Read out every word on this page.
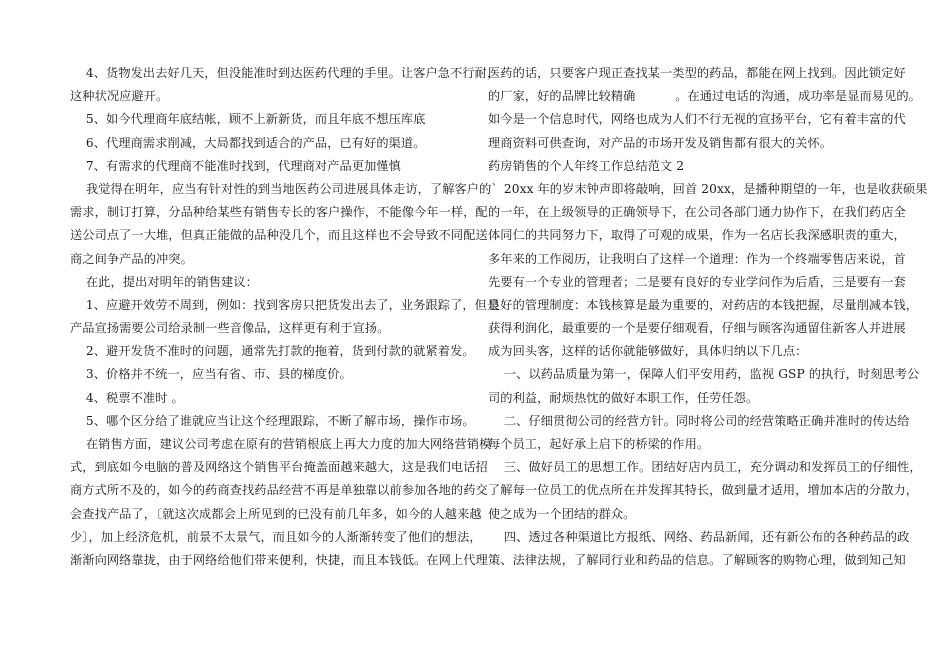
4、货物发出去好几天，但没能准时到达医药代理的手里。让客户急不行耐，
这种状况应避开。
5、如今代理商年底结帐，顾不上新新货，而且年底不想压库底
6、代理商需求削减，大局都找到适合的产品，已有好的渠道。
7、有需求的代理商不能准时找到，代理商对产品更加慬慎
我觉得在明年，应当有针对性的到当地医药公司进展具体走访，了解客户的`
需求，制订打算，分品种给某些有销售专长的客户操作，不能像今年一样，配
送公司点了一大堆，但真正能做的品种没几个，而且这样也不会导致不同配送
商之间争产品的冲突。
在此，提出对明年的销售建议：
1、应避开效劳不周到，例如：找到客房只把货发出去了，业务跟踪了，但是
产品宣扬需要公司给录制一些音像品，这样更有利于宣扬。
2、避开发货不准时的问题，通常先打款的拖着，货到付款的就紧着发。
3、价格并不统一，应当有省、市、县的梯度价。
4、税票不准时 。
5、哪个区分给了谁就应当让这个经理跟踪，不断了解市场，操作市场。
在销售方面，建议公司考虑在原有的营销根底上再大力度的加大网络营销模
式，到底如今电脑的普及网络这个销售平台掩盖面越来越大，这是我们电话招
商方式所不及的，如今的药商查找药品经营不再是单独靠以前参加各地的药交
会查找产品了，〔就这次成都会上所见到的已没有前几年多，如今的人越来越
少〕，加上经济危机，前景不太景气，而且如今的人渐渐转变了他们的想法，
渐渐向网络靠拢，由于网络给他们带来便利，快捷，而且本钱低。在网上代理
医药的话，只要客户现正查找某一类型的药品，都能在网上找到。因此锁定好
的厂家，好的品牌比较精确          。在通过电话的沟通，成功率是显而易见的。
如今是一个信息时代，网络也成为人们不行无视的宣扬平台，它有着丰富的代
理商资料可供查询，对产品的市场开发及销售都有很大的关怀。
药房销售的个人年终工作总结范文 2
20xx 年的岁末钟声即将敲响，回首 20xx，是播种期望的一年，也是收获硕果
的一年，在上级领导的正确领导下，在公司各部门通力协作下，在我们药店全
体同仁的共同努力下，取得了可观的成果，作为一名店长我深感职责的重大，
多年来的工作阅历，让我明白了这样一个道理：作为一个终端零售店来说，首
先要有一个专业的管理者；二是要有良好的专业学问作为后盾，三是要有一套
良好的管理制度：本钱核算是最为重要的，对药店的本钱把握，尽量削减本钱，
获得利润化，最重要的一个是要仔细观看，仔细与顾客沟通留住新客人并进展
成为回头客，这样的话你就能够做好，具体归纳以下几点：
一、以药品质量为第一，保障人们平安用药，监视 GSP 的执行，时刻思考公
司的利益，耐烦热忱的做好本职工作，任劳任怨。
二、仔细贯彻公司的经营方针。同时将公司的经营策略正确并准时的传达给
每个员工，起好承上启下的桥梁的作用。
三、做好员工的思想工作。团结好店内员工，充分调动和发挥员工的仔细性，
了解每一位员工的优点所在并发挥其特长，做到量才适用，增加本店的分散力，
使之成为一个团结的群众。
四、透过各种渠道比方报纸、网络、药品新闻，还有新公布的各种药品的政
策、法律法规，了解同行业和药品的信息。了解顾客的购物心理，做到知己知
